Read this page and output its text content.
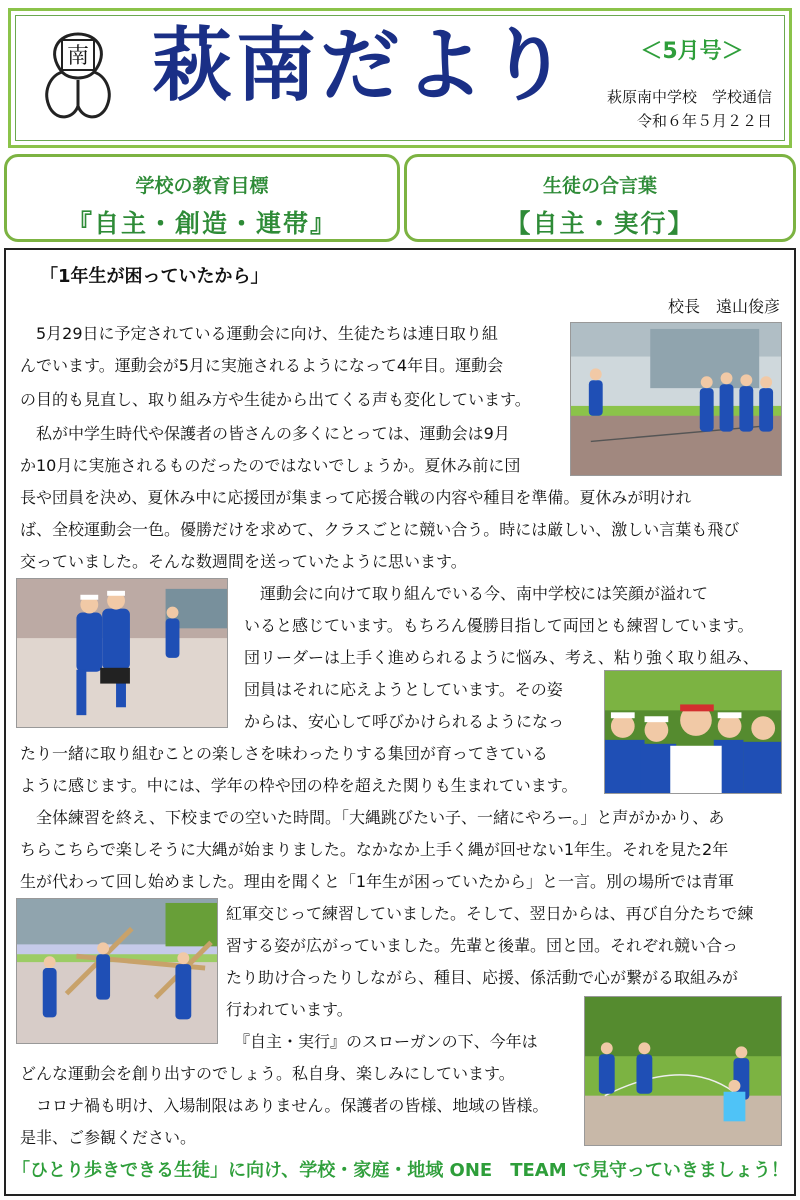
南 萩南だより	＜5月号＞
萩原南中学校　学校通信
令和６年５月２２日
学校の教育目標
『自主・創造・連帯』
生徒の合言葉
【自主・実行】
「1年生が困っていたから」
校長　遠山俊彦
　5月29日に予定されている運動会に向け、生徒たちは連日取り組
んでいます。運動会が5月に実施されるようになって4年目。運動会
の目的も見直し、取り組み方や生徒から出てくる声も変化しています。
　私が中学生時代や保護者の皆さんの多くにとっては、運動会は9月
か10月に実施されるものだったのではないでしょうか。夏休み前に団
長や団員を決め、夏休み中に応援団が集まって応援合戦の内容や種目を準備。夏休みが明けれ
ば、全校運動会一色。優勝だけを求めて、クラスごとに競い合う。時には厳しい、激しい言葉も飛び
交っていました。そんな数週間を送っていたように思います。
　運動会に向けて取り組んでいる今、南中学校には笑顔が溢れて
いると感じています。もちろん優勝目指して両団とも練習しています。
団リーダーは上手く進められるように悩み、考え、粘り強く取り組み、
団員はそれに応えようとしています。その姿
からは、安心して呼びかけられるようになっ
たり一緒に取り組むことの楽しさを味わったりする集団が育ってきている
ように感じます。中には、学年の枠や団の枠を超えた関りも生まれています。
　全体練習を終え、下校までの空いた時間。「大縄跳びたい子、一緒にやろー。」と声がかかり、あ
ちらこちらで楽しそうに大縄が始まりました。なかなか上手く縄が回せない1年生。それを見た2年
生が代わって回し始めました。理由を聞くと「1年生が困っていたから」と一言。別の場所では青軍
紅軍交じって練習していました。そして、翌日からは、再び自分たちで練
習する姿が広がっていました。先輩と後輩。団と団。それぞれ競い合っ
たり助け合ったりしながら、種目、応援、係活動で心が繋がる取組みが
行われています。
　『自主・実行』のスローガンの下、今年は
どんな運動会を創り出すのでしょう。私自身、楽しみにしています。
　コロナ禍も明け、入場制限はありません。保護者の皆様、地域の皆様。
是非、ご参観ください。
「ひとり歩きできる生徒」に向け、学校・家庭・地域 ONE　TEAM で見守っていきましょう！
